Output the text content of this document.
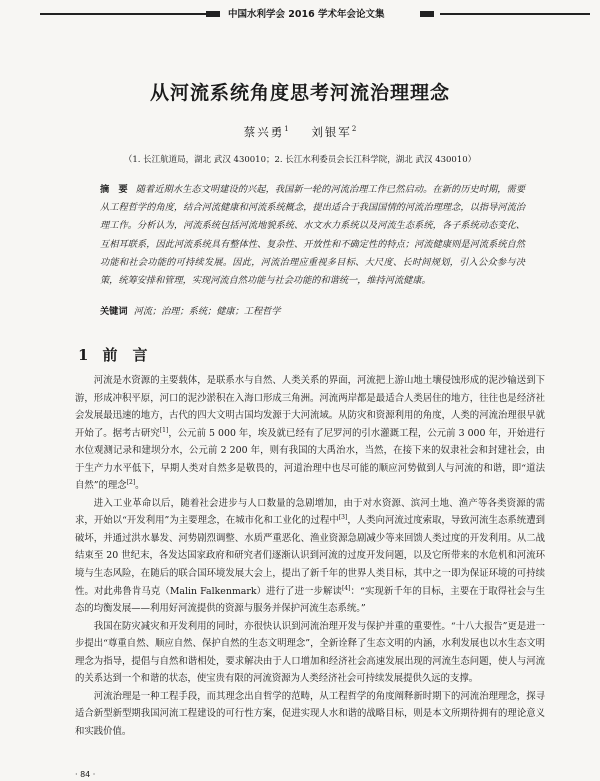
中国水利学会 2016 学术年会论文集
从河流系统角度思考河流治理理念
蔡兴勇$^1$ 刘银军$^2$
（1. 长江航道局，湖北 武汉 430010；2. 长江水利委员会长江科学院，湖北 武汉 430010）
摘　要 随着近期水生态文明建设的兴起，我国新一轮的河流治理工作已然启动。在新的历史时期，需要从工程哲学的角度，结合河流健康和河流系统概念，提出适合于我国国情的河流治理理念，以指导河流治理工作。分析认为，河流系统包括河流地貌系统、水文水力系统以及河流生态系统，各子系统动态变化、互相耳联系，因此河流系统具有整体性、复杂性、开放性和不确定性的特点；河流健康则是河流系统自然功能和社会功能的可持续发展。因此，河流治理应重视多目标、大尺度、长时间规划，引入公众参与决策，统筹安排和管理，实现河流自然功能与社会功能的和谐统一，维持河流健康。
关键词 河流；治理；系统；健康；工程哲学
1 前　言

河流是水资源的主要载体，是联系水与自然、人类关系的界面，河流把上游山地土壤侵蚀形成的泥沙输送到下游，形成冲积平原，河口的泥沙淤积在入海口形成三角洲。河流两岸都是最适合人类居住的地方，往往也是经济社会发展最迅速的地方，古代的四大文明古国均发源于大河流域。从防灾和资源利用的角度，人类的河流治理很早就开始了。据考古研究[1]，公元前 5 000 年，埃及就已经有了尼罗河的引水灌溉工程，公元前 3 000 年，开始进行水位观测记录和建坝分水，公元前 2 200 年，则有我国的大禹治水，当然，在接下来的奴隶社会和封建社会，由于生产力水平低下，早期人类对自然多是敬畏的，河道治理中也尽可能的顺应河势做到人与河流的和谐，即“道法自然”的理念[2]。

进入工业革命以后，随着社会进步与人口数量的急剧增加，由于对水资源、滨河土地、渔产等各类资源的需求，开始以“开发利用”为主要理念，在城市化和工业化的过程中[3]，人类向河流过度索取，导致河流生态系统遭到破坏，并通过洪水暴发、河势剧烈调整、水质严重恶化、渔业资源急剧减少等来回馈人类过度的开发利用。从二战结束至 20 世纪末，各发达国家政府和研究者们逐渐认识到河流的过度开发问题，以及它所带来的水危机和河流环境与生态风险，在随后的联合国环境发展大会上，提出了新千年的世界人类目标，其中之一即为保证环境的可持续性。对此弗鲁肯马克（Malin Falkenmark）进行了进一步解读[4]：“实现新千年的目标，主要在于取得社会与生态的均衡发展——利用好河流提供的资源与服务并保护河流生态系统。”

我国在防灾减灾和开发利用的同时，亦很快认识到河流治理开发与保护并重的重要性。“十八大报告”更是进一步提出“尊重自然、顺应自然、保护自然的生态文明理念”，全新诠释了生态文明的内涵，水利发展也以水生态文明理念为指导，提倡与自然和谐相处，要求解决由于人口增加和经济社会高速发展出现的河流生态问题，使人与河流的关系达到一个和谐的状态，使宝贵有限的河流资源为人类经济社会可持续发展提供久远的支撑。

河流治理是一种工程手段，而其理念出自哲学的范畴，从工程哲学的角度阐释新时期下的河流治理理念，探寻适合新型新型期我国河流工程建设的可行性方案，促进实现人水和谐的战略目标，则是本文所期待拥有的理论意义和实践价值。

· 84 ·
